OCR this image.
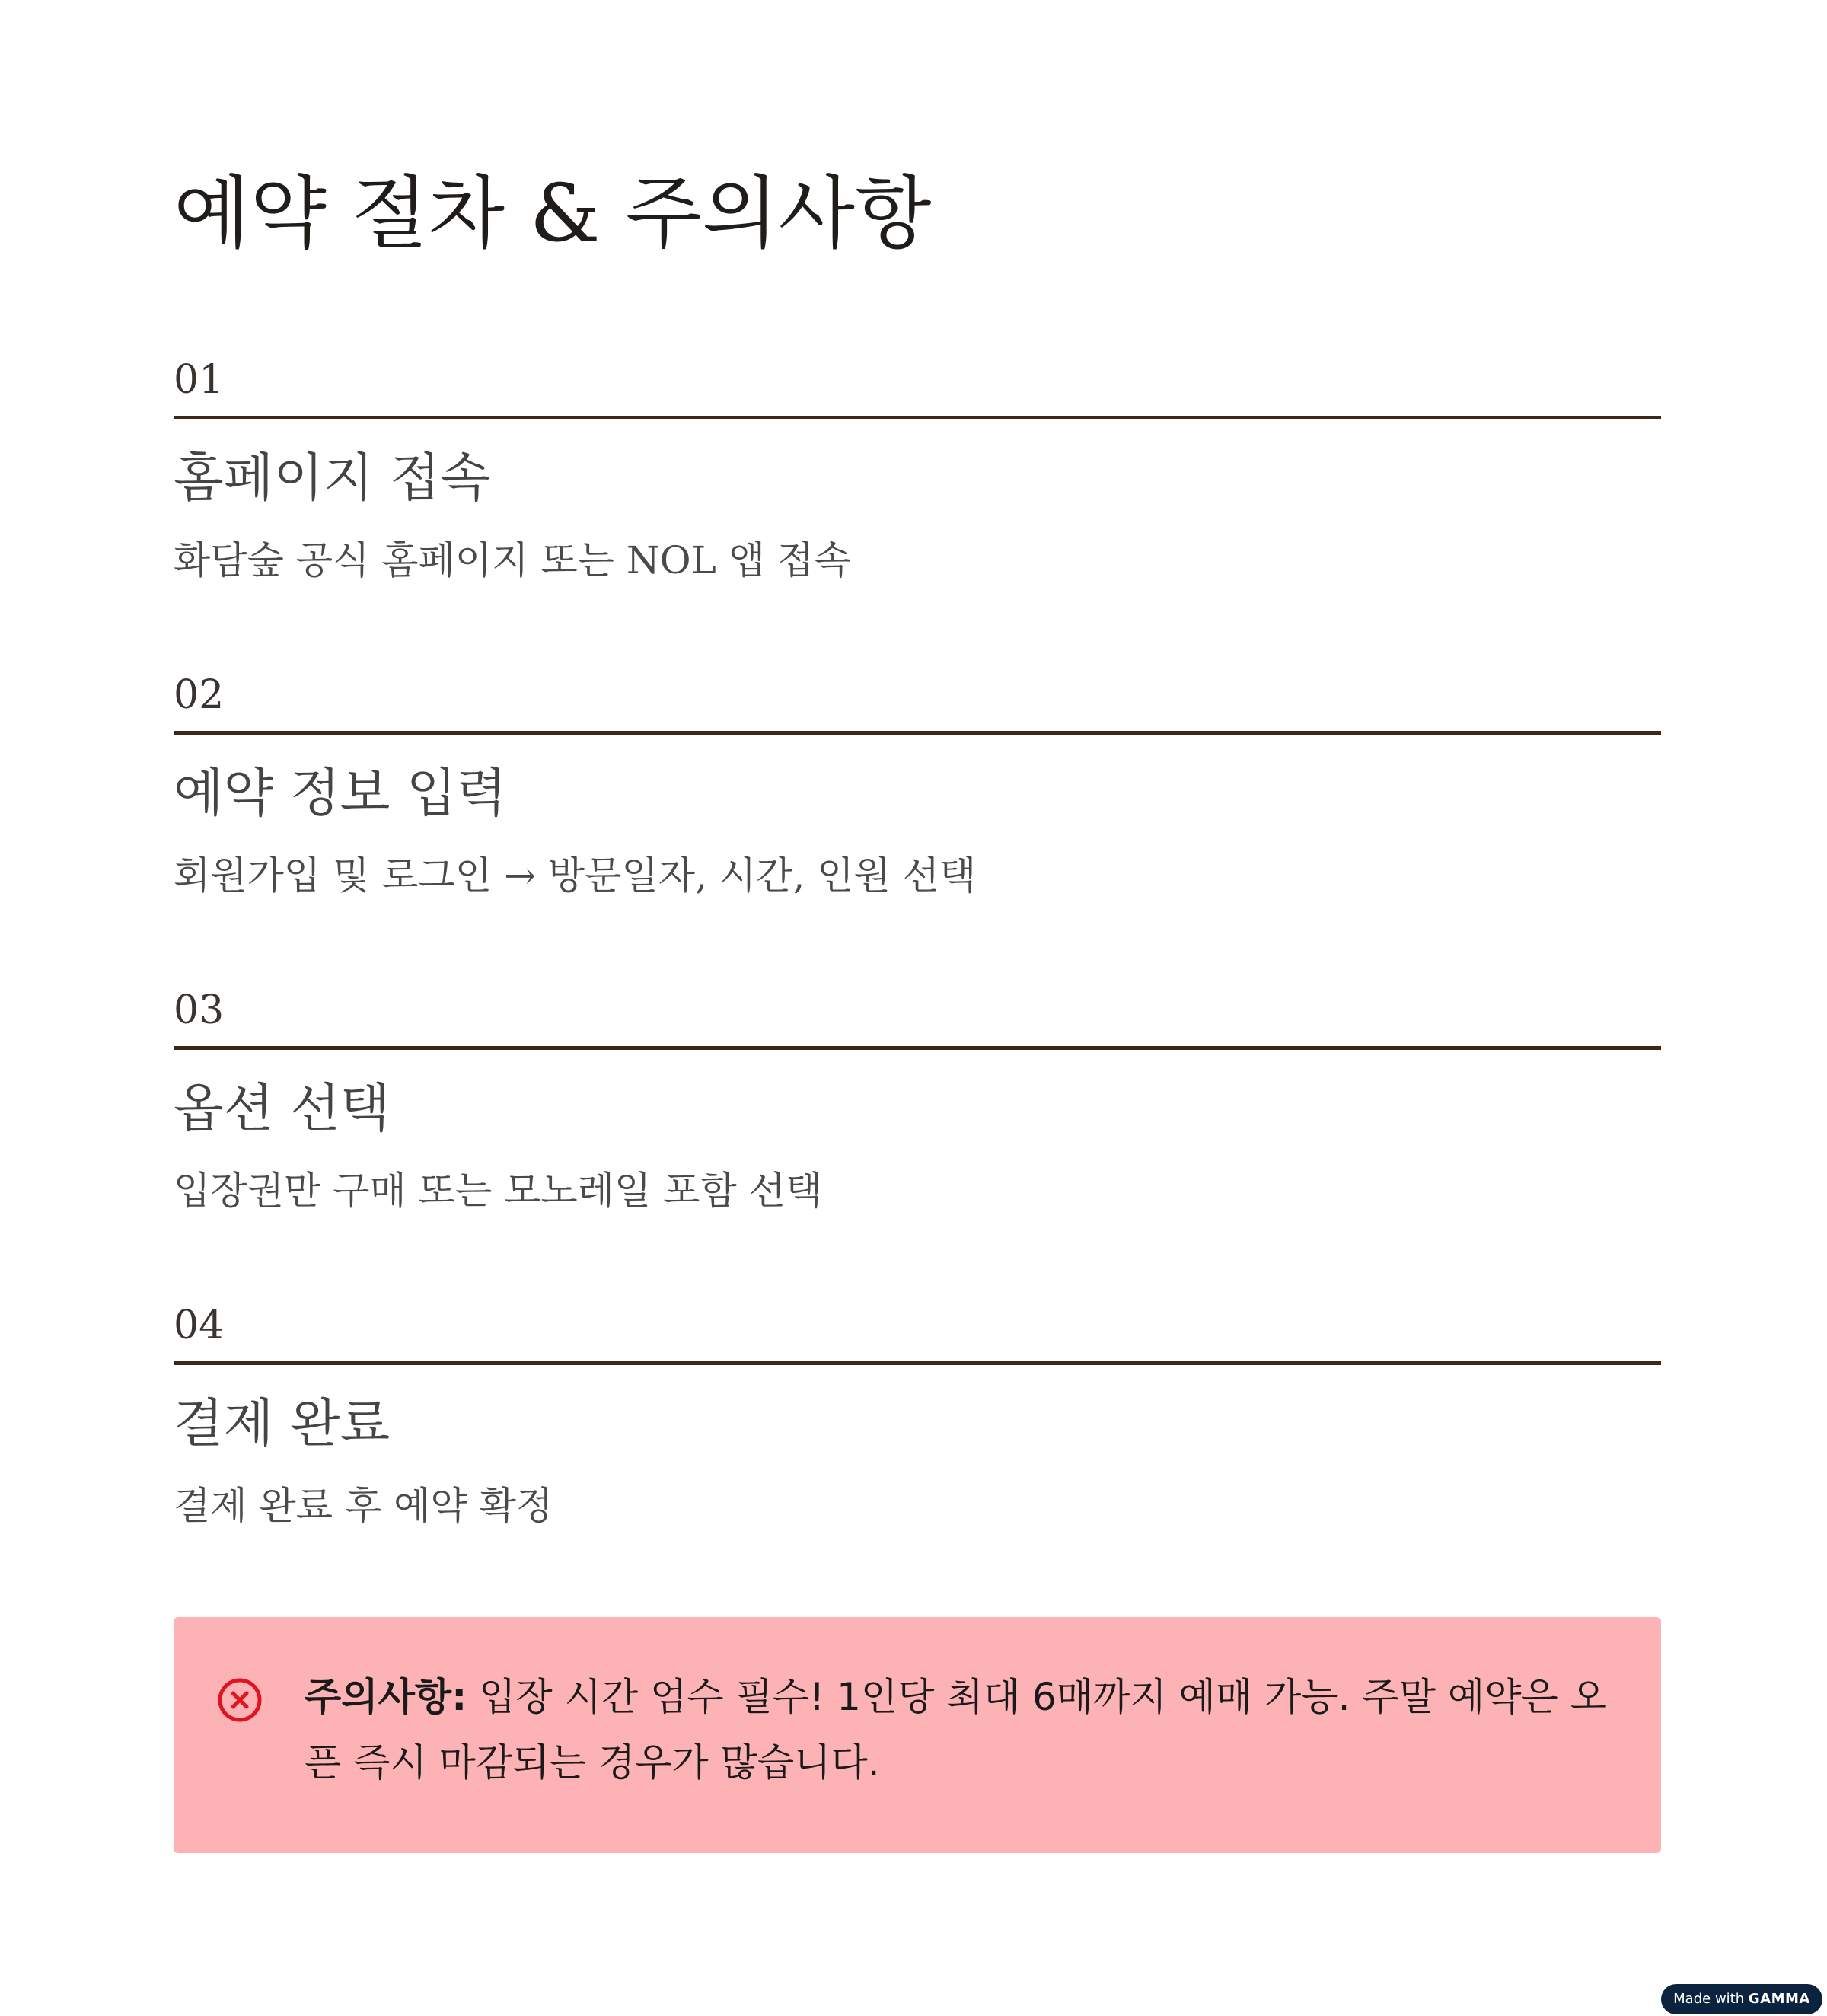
예약 절차 & 주의사항
01
홈페이지 접속

화담숲 공식 홈페이지 또는 NOL 앱 접속

02
예약 정보 입력

회원가입 및 로그인 → 방문일자, 시간, 인원 선택

03
옵션 선택

입장권만 구매 또는 모노레일 포함 선택

04
결제 완료

결제 완료 후 예약 확정

주의사항: 입장 시간 엄수 필수! 1인당 최대 6매까지 예매 가능. 주말 예약은 오픈 즉시 마감되는 경우가 많습니다.

Made with GAMMA
